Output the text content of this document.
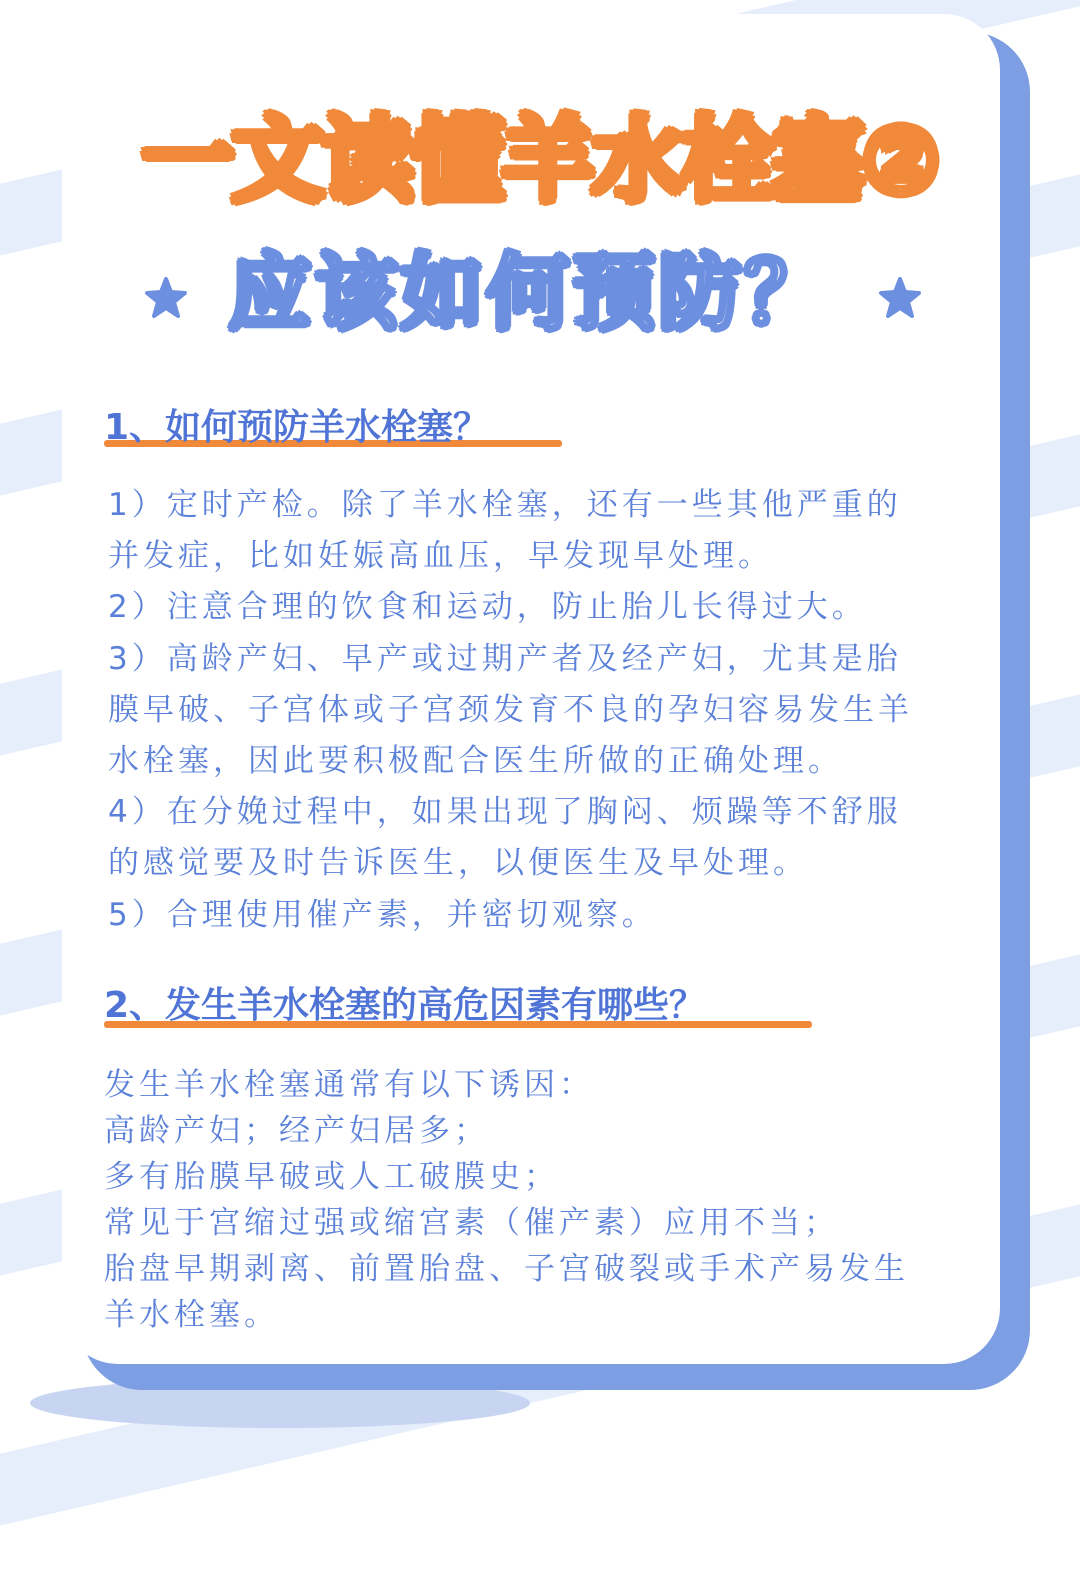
一文读懂羊水栓塞②
应该如何预防？
1、如何预防羊水栓塞？
1）定时产检。除了羊水栓塞，还有一些其他严重的
并发症，比如妊娠高血压，早发现早处理。
2）注意合理的饮食和运动，防止胎儿长得过大。
3）高龄产妇、早产或过期产者及经产妇，尤其是胎
膜早破、子宫体或子宫颈发育不良的孕妇容易发生羊
水栓塞，因此要积极配合医生所做的正确处理。
4）在分娩过程中，如果出现了胸闷、烦躁等不舒服
的感觉要及时告诉医生，以便医生及早处理。
5）合理使用催产素，并密切观察。
2、发生羊水栓塞的高危因素有哪些？
发生羊水栓塞通常有以下诱因：
高龄产妇；经产妇居多；
多有胎膜早破或人工破膜史；
常见于宫缩过强或缩宫素（催产素）应用不当；
胎盘早期剥离、前置胎盘、子宫破裂或手术产易发生
羊水栓塞。
